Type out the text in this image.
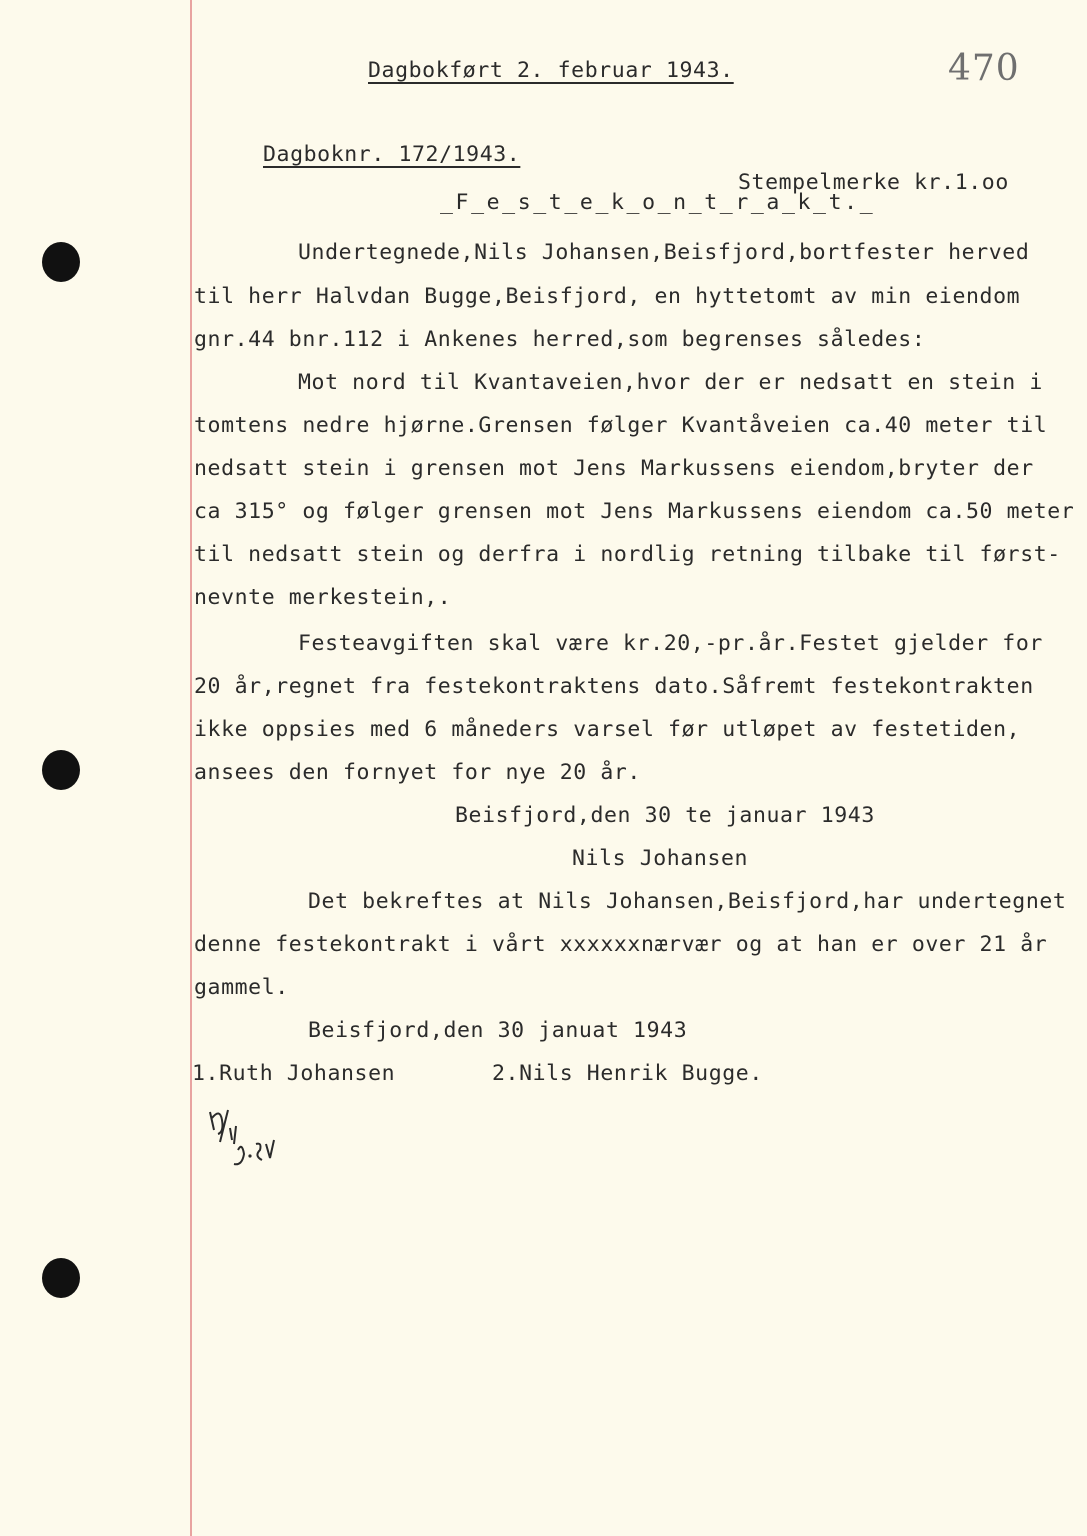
Dagbokført 2. februar 1943.	470
Dagboknr. 172/1943.
Stempelmerke kr.1.oo
_F_e_s_t_e_k_o_n_t_r_a_k_t._
Undertegnede,Nils Johansen,Beisfjord,bortfester herved
til herr Halvdan Bugge,Beisfjord, en hyttetomt av min eiendom
gnr.44 bnr.112 i Ankenes herred,som begrenses således:
Mot nord til Kvantaveien,hvor der er nedsatt en stein i
tomtens nedre hjørne.Grensen følger Kvantåveien ca.40 meter til
nedsatt stein i grensen mot Jens Markussens eiendom,bryter der
ca 315° og følger grensen mot Jens Markussens eiendom ca.50 meter
til nedsatt stein og derfra i nordlig retning tilbake til først-
nevnte merkestein,.
Festeavgiften skal være kr.20,-pr.år.Festet gjelder for
20 år,regnet fra festekontraktens dato.Såfremt festekontrakten
ikke oppsies med 6 måneders varsel før utløpet av festetiden,
ansees den fornyet for nye 20 år.
Beisfjord,den 30 te januar 1943
Nils Johansen
Det bekreftes at Nils Johansen,Beisfjord,har undertegnet
denne festekontrakt i vårt xxxxxxnærvær og at han er over 21 år
gammel.
Beisfjord,den 30 januat 1943
1.Ruth Johansen	2.Nils Henrik Bugge.
